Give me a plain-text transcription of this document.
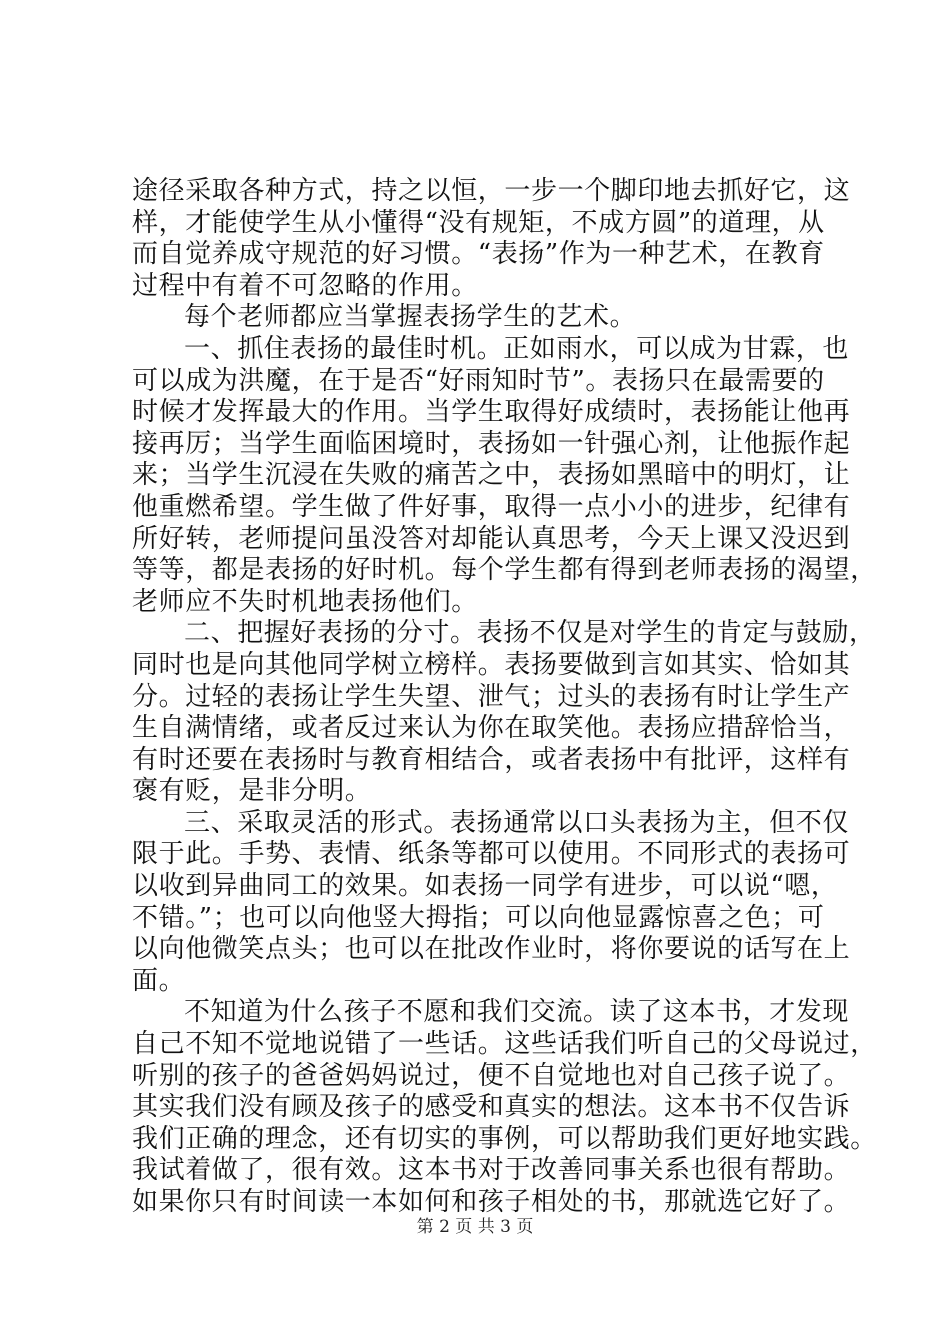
途径采取各种方式，持之以恒，一步一个脚印地去抓好它，这
样，才能使学生从小懂得“没有规矩，不成方圆”的道理，从
而自觉养成守规范的好习惯。“表扬”作为一种艺术，在教育
过程中有着不可忽略的作用。
每个老师都应当掌握表扬学生的艺术。
一、抓住表扬的最佳时机。正如雨水，可以成为甘霖，也
可以成为洪魔，在于是否“好雨知时节”。表扬只在最需要的
时候才发挥最大的作用。当学生取得好成绩时，表扬能让他再
接再厉；当学生面临困境时，表扬如一针强心剂，让他振作起
来；当学生沉浸在失败的痛苦之中，表扬如黑暗中的明灯，让
他重燃希望。学生做了件好事，取得一点小小的进步，纪律有
所好转，老师提问虽没答对却能认真思考，今天上课又没迟到
等等，都是表扬的好时机。每个学生都有得到老师表扬的渴望，
老师应不失时机地表扬他们。
二、把握好表扬的分寸。表扬不仅是对学生的肯定与鼓励，
同时也是向其他同学树立榜样。表扬要做到言如其实、恰如其
分。过轻的表扬让学生失望、泄气；过头的表扬有时让学生产
生自满情绪，或者反过来认为你在取笑他。表扬应措辞恰当，
有时还要在表扬时与教育相结合，或者表扬中有批评，这样有
褒有贬，是非分明。
三、采取灵活的形式。表扬通常以口头表扬为主，但不仅
限于此。手势、表情、纸条等都可以使用。不同形式的表扬可
以收到异曲同工的效果。如表扬一同学有进步，可以说“嗯，
不错。”；也可以向他竖大拇指；可以向他显露惊喜之色；可
以向他微笑点头；也可以在批改作业时，将你要说的话写在上
面。
不知道为什么孩子不愿和我们交流。读了这本书，才发现
自己不知不觉地说错了一些话。这些话我们听自己的父母说过，
听别的孩子的爸爸妈妈说过，便不自觉地也对自己孩子说了。
其实我们没有顾及孩子的感受和真实的想法。这本书不仅告诉
我们正确的理念，还有切实的事例，可以帮助我们更好地实践。
我试着做了，很有效。这本书对于改善同事关系也很有帮助。
如果你只有时间读一本如何和孩子相处的书，那就选它好了。
第 2 页 共 3 页
